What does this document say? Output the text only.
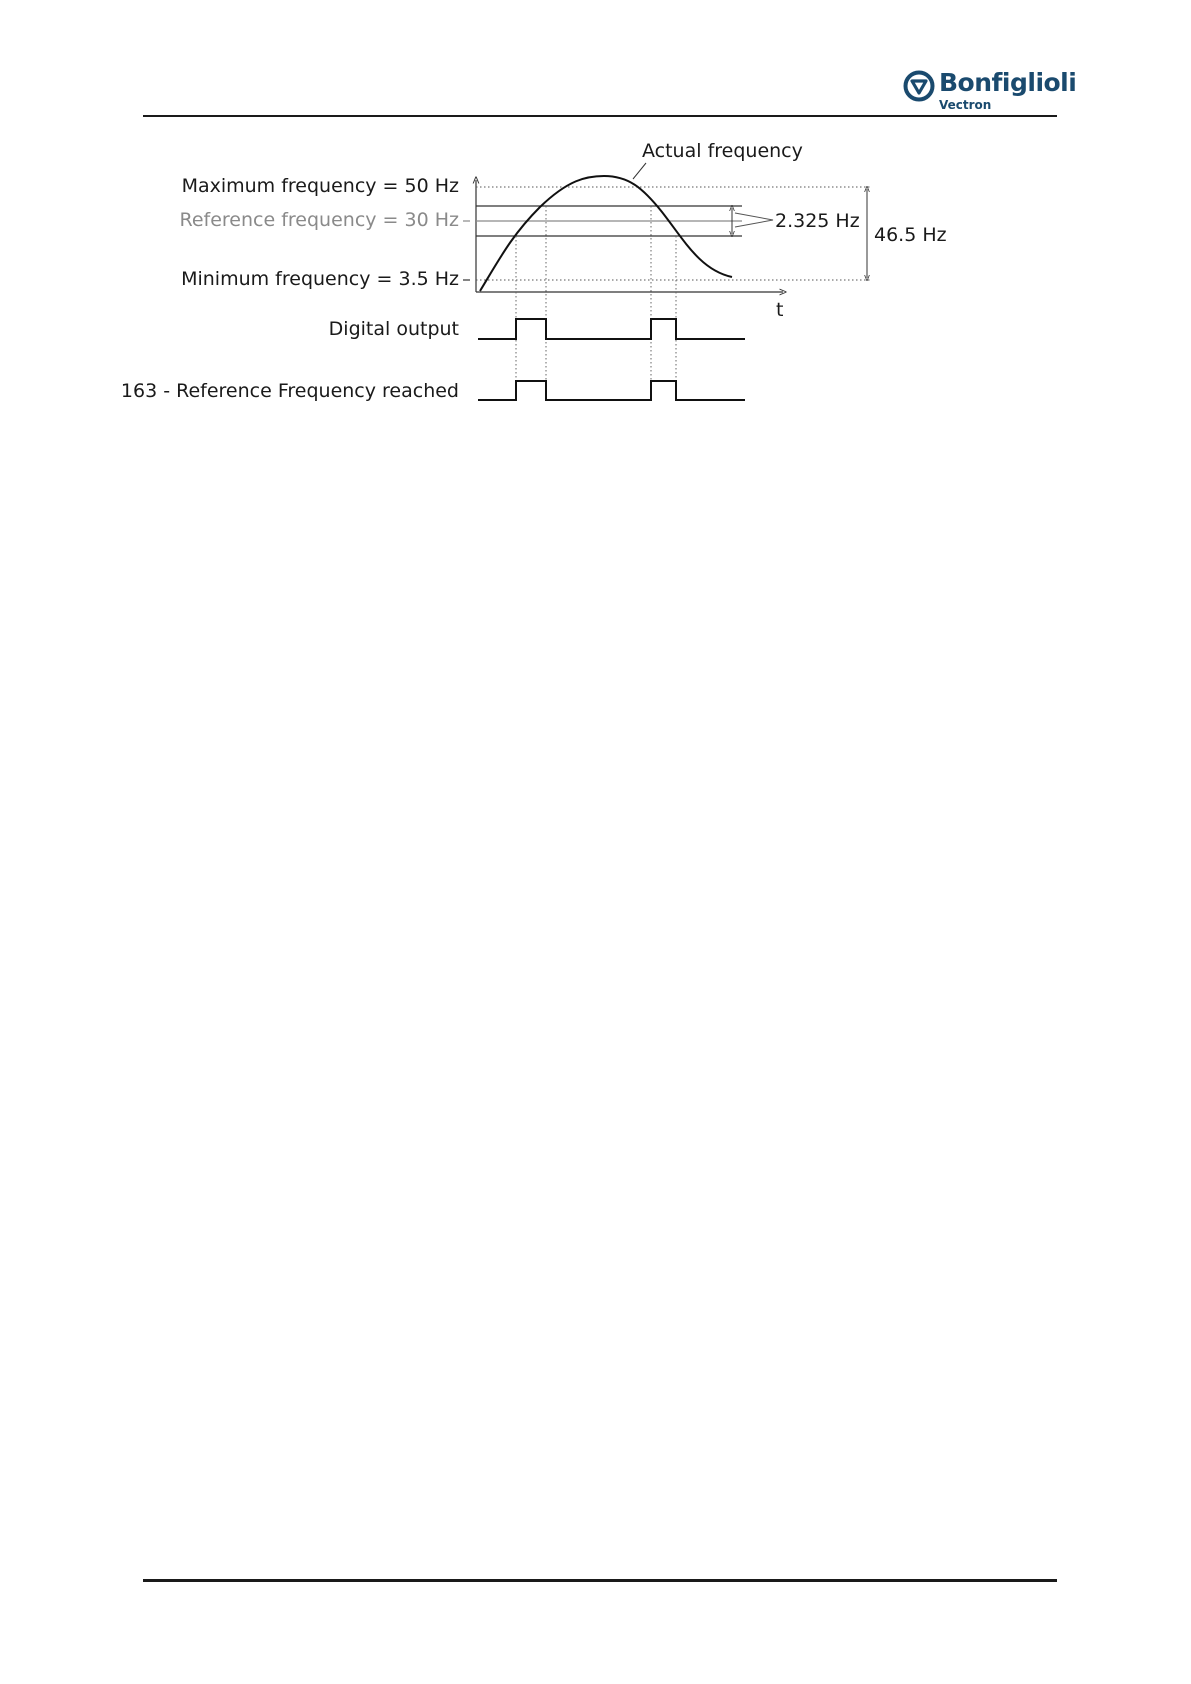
Bonfiglioli
Vectron
Actual frequency
Maximum frequency = 50 Hz
Reference frequency = 30 Hz
Minimum frequency = 3.5 Hz
Digital output
163 - Reference Frequency reached
t
2.325 Hz
46.5 Hz
